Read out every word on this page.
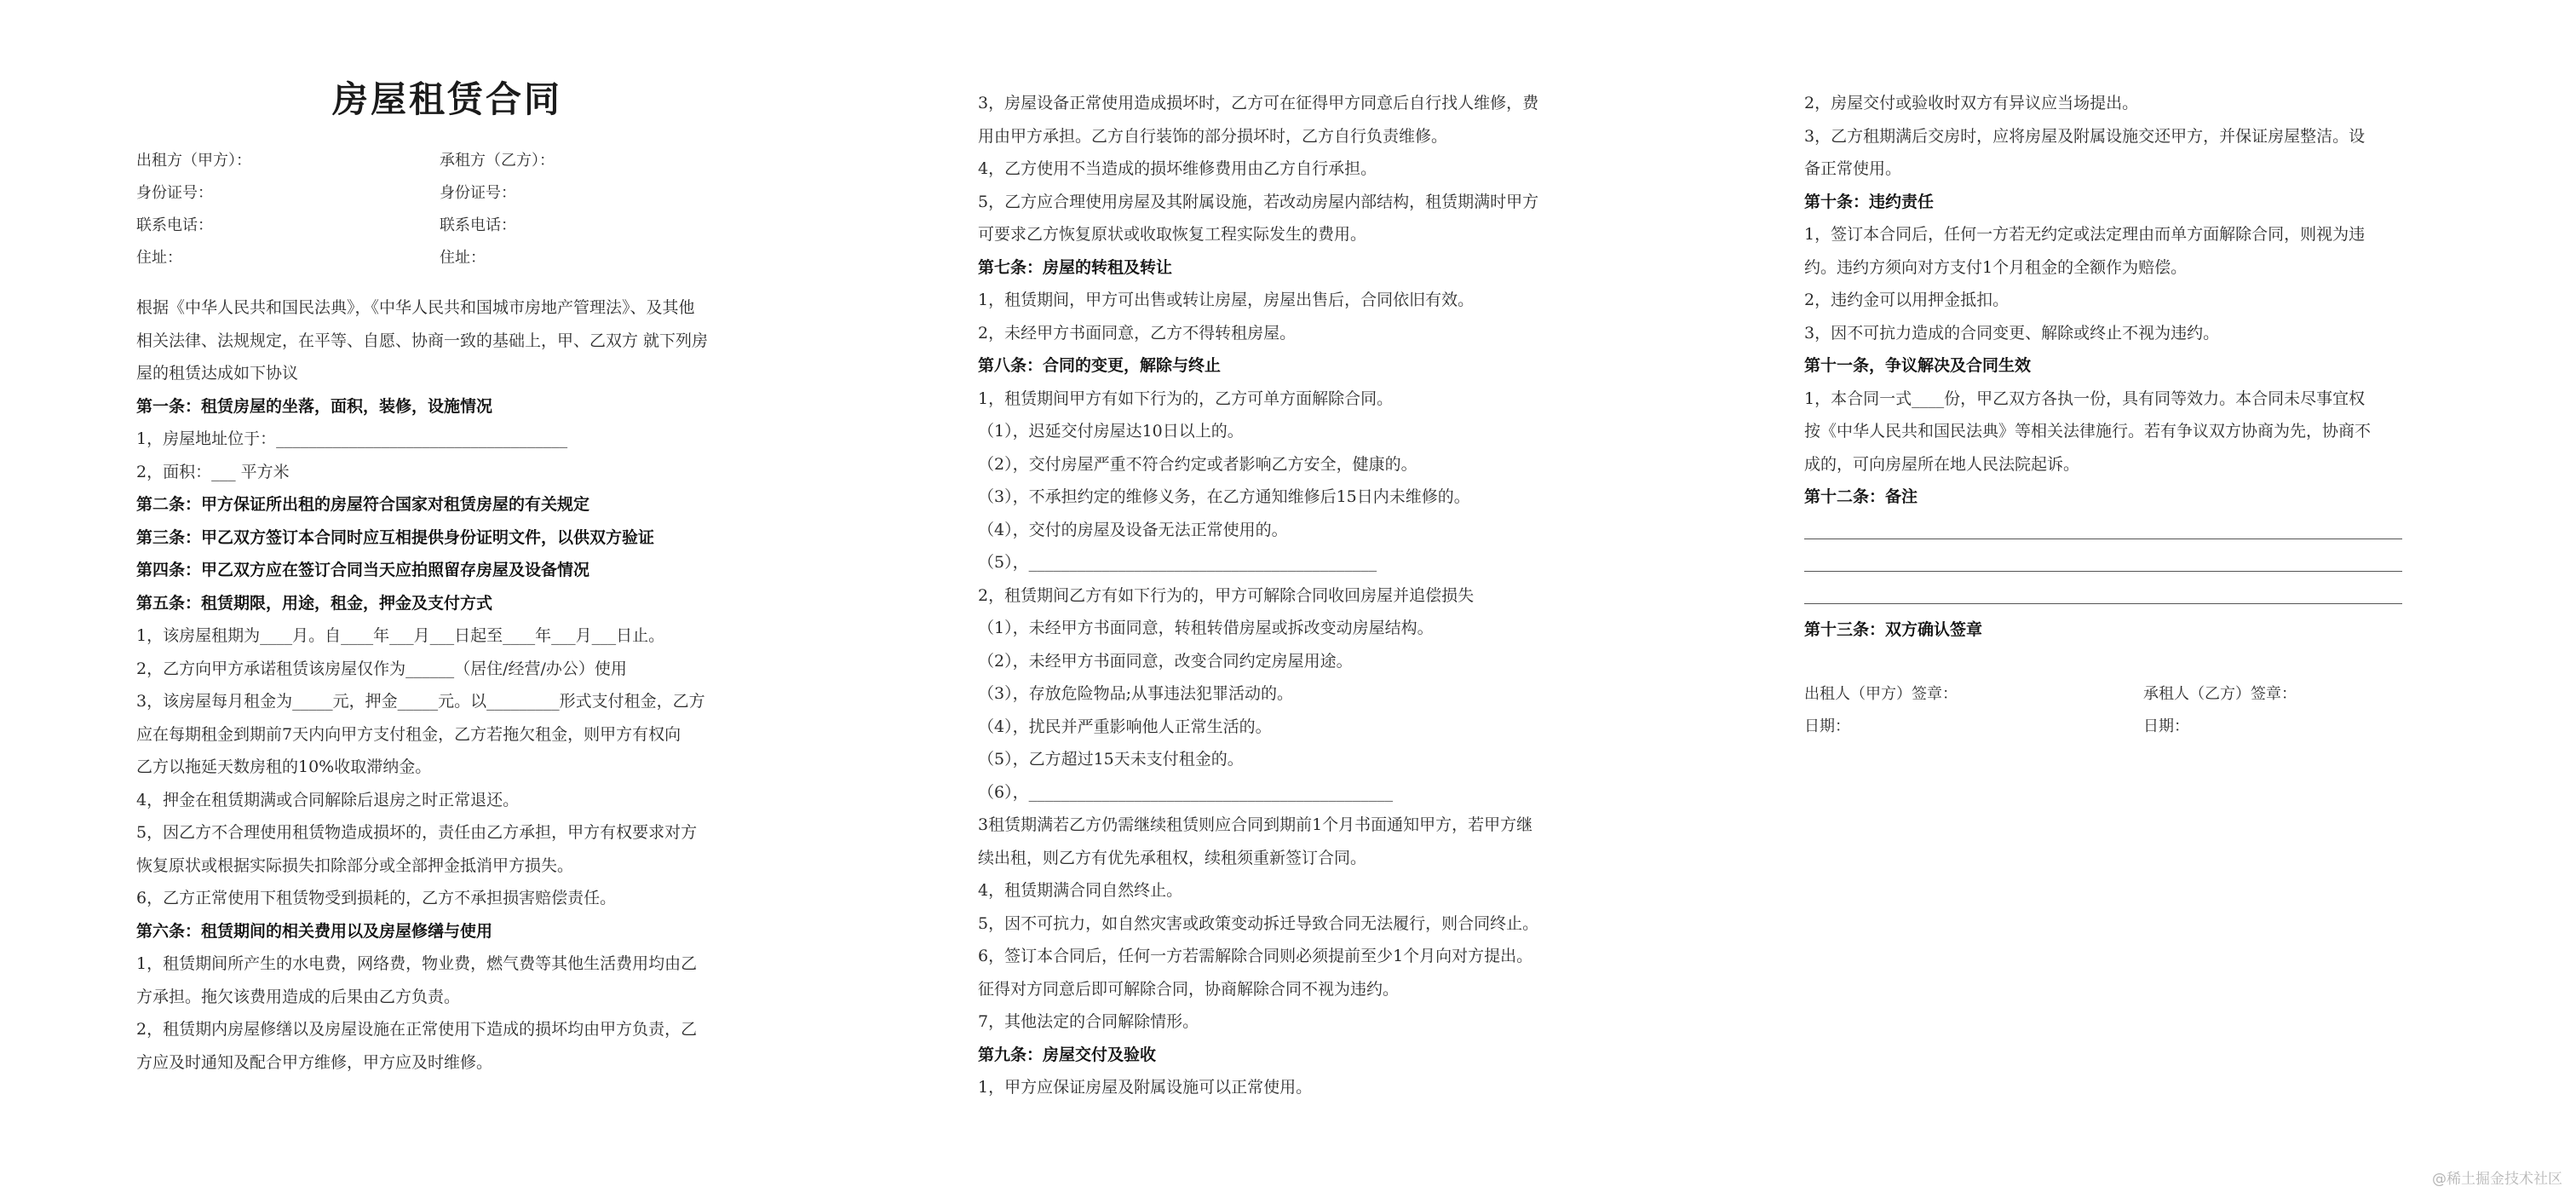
房屋租赁合同
出租方（甲方）：	承租方（乙方）：
身份证号：	身份证号：
联系电话：	联系电话：
住址：	住址：

根据《中华人民共和国民法典》，《中华人民共和国城市房地产管理法》、及其他

相关法律、法规规定，在平等、自愿、协商一致的基础上，甲、乙双方 就下列房

屋的租赁达成如下协议

第一条：租赁房屋的坐落，面积，装修，设施情况

1，房屋地址位于：____________________________________

2，面积：___ 平方米

第二条：甲方保证所出租的房屋符合国家对租赁房屋的有关规定

第三条：甲乙双方签订本合同时应互相提供身份证明文件，以供双方验证

第四条：甲乙双方应在签订合同当天应拍照留存房屋及设备情况

第五条：租赁期限，用途，租金，押金及支付方式

1，该房屋租期为____月。自____年___月___日起至____年___月___日止。

2，乙方向甲方承诺租赁该房屋仅作为______（居住/经营/办公）使用

3，该房屋每月租金为_____元，押金_____元。以_________形式支付租金，乙方

应在每期租金到期前7天内向甲方支付租金，乙方若拖欠租金，则甲方有权向

乙方以拖延天数房租的10%收取滞纳金。

4，押金在租赁期满或合同解除后退房之时正常退还。

5，因乙方不合理使用租赁物造成损坏的，责任由乙方承担，甲方有权要求对方

恢复原状或根据实际损失扣除部分或全部押金抵消甲方损失。

6，乙方正常使用下租赁物受到损耗的，乙方不承担损害赔偿责任。

第六条：租赁期间的相关费用以及房屋修缮与使用

1，租赁期间所产生的水电费，网络费，物业费，燃气费等其他生活费用均由乙

方承担。拖欠该费用造成的后果由乙方负责。

2，租赁期内房屋修缮以及房屋设施在正常使用下造成的损坏均由甲方负责，乙

方应及时通知及配合甲方维修，甲方应及时维修。

3，房屋设备正常使用造成损坏时，乙方可在征得甲方同意后自行找人维修，费

用由甲方承担。乙方自行装饰的部分损坏时，乙方自行负责维修。

4，乙方使用不当造成的损坏维修费用由乙方自行承担。

5，乙方应合理使用房屋及其附属设施，若改动房屋内部结构，租赁期满时甲方

可要求乙方恢复原状或收取恢复工程实际发生的费用。

第七条：房屋的转租及转让

1，租赁期间，甲方可出售或转让房屋，房屋出售后，合同依旧有效。

2，未经甲方书面同意，乙方不得转租房屋。

第八条：合同的变更，解除与终止

1，租赁期间甲方有如下行为的，乙方可单方面解除合同。

（1），迟延交付房屋达10日以上的。

（2），交付房屋严重不符合约定或者影响乙方安全，健康的。

（3），不承担约定的维修义务，在乙方通知维修后15日内未维修的。

（4），交付的房屋及设备无法正常使用的。

（5），___________________________________________

2，租赁期间乙方有如下行为的，甲方可解除合同收回房屋并追偿损失

（1），未经甲方书面同意，转租转借房屋或拆改变动房屋结构。

（2），未经甲方书面同意，改变合同约定房屋用途。

（3），存放危险物品;从事违法犯罪活动的。

（4），扰民并严重影响他人正常生活的。

（5），乙方超过15天未支付租金的。

（6），_____________________________________________

3租赁期满若乙方仍需继续租赁则应合同到期前1个月书面通知甲方，若甲方继

续出租，则乙方有优先承租权，续租须重新签订合同。

4，租赁期满合同自然终止。

5，因不可抗力，如自然灾害或政策变动拆迁导致合同无法履行，则合同终止。

6，签订本合同后，任何一方若需解除合同则必须提前至少1个月向对方提出。

征得对方同意后即可解除合同，协商解除合同不视为违约。

7，其他法定的合同解除情形。

第九条：房屋交付及验收

1，甲方应保证房屋及附属设施可以正常使用。

2，房屋交付或验收时双方有异议应当场提出。

3，乙方租期满后交房时，应将房屋及附属设施交还甲方，并保证房屋整洁。设

备正常使用。

第十条：违约责任

1，签订本合同后，任何一方若无约定或法定理由而单方面解除合同，则视为违

约。违约方须向对方支付1个月租金的全额作为赔偿。

2，违约金可以用押金抵扣。

3，因不可抗力造成的合同变更、解除或终止不视为违约。

第十一条，争议解决及合同生效

1，本合同一式____份，甲乙双方各执一份，具有同等效力。本合同未尽事宜权

按《中华人民共和国民法典》等相关法律施行。若有争议双方协商为先，协商不

成的，可向房屋所在地人民法院起诉。

第十二条：备注

第十三条：双方确认签章

出租人（甲方）签章：	承租人（乙方）签章：
日期：	日期：
@稀土掘金技术社区
